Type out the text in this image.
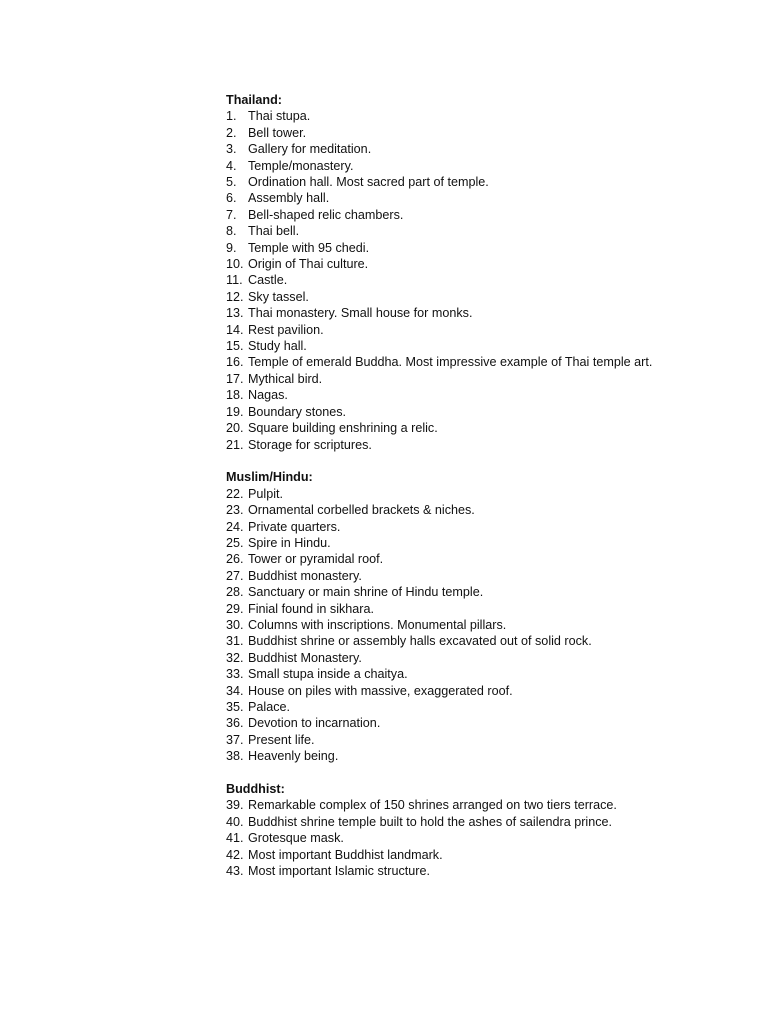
Thailand:
1. Thai stupa.
2. Bell tower.
3. Gallery for meditation.
4. Temple/monastery.
5. Ordination hall. Most sacred part of temple.
6. Assembly hall.
7. Bell-shaped relic chambers.
8. Thai bell.
9. Temple with 95 chedi.
10. Origin of Thai culture.
11. Castle.
12. Sky tassel.
13. Thai monastery. Small house for monks.
14. Rest pavilion.
15. Study hall.
16. Temple of emerald Buddha. Most impressive example of Thai temple art.
17. Mythical bird.
18. Nagas.
19. Boundary stones.
20. Square building enshrining a relic.
21. Storage for scriptures.
Muslim/Hindu:
22. Pulpit.
23. Ornamental corbelled brackets & niches.
24. Private quarters.
25. Spire in Hindu.
26. Tower or pyramidal roof.
27. Buddhist monastery.
28. Sanctuary or main shrine of Hindu temple.
29. Finial found in sikhara.
30. Columns with inscriptions. Monumental pillars.
31. Buddhist shrine or assembly halls excavated out of solid rock.
32. Buddhist Monastery.
33. Small stupa inside a chaitya.
34. House on piles with massive, exaggerated roof.
35. Palace.
36. Devotion to incarnation.
37. Present life.
38. Heavenly being.
Buddhist:
39. Remarkable complex of 150 shrines arranged on two tiers terrace.
40. Buddhist shrine temple built to hold the ashes of sailendra prince.
41. Grotesque mask.
42. Most important Buddhist landmark.
43. Most important Islamic structure.
